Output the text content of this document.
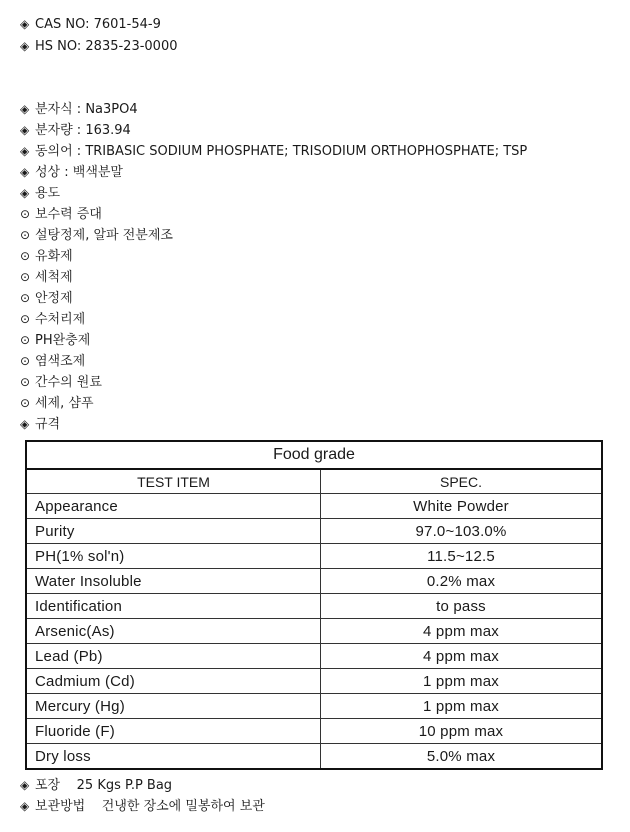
◈ CAS NO: 7601-54-9
◈ HS NO: 2835-23-0000
◈ 분자식 : Na3PO4
◈ 분자량 : 163.94
◈ 동의어 : TRIBASIC SODIUM PHOSPHATE; TRISODIUM ORTHOPHOSPHATE; TSP
◈ 성상 : 백색분말
◈ 용도
⊙ 보수력 증대
⊙ 설탕정제, 알파 전분제조
⊙ 유화제
⊙ 세척제
⊙ 안정제
⊙ 수처리제
⊙ PH완충제
⊙ 염색조제
⊙ 간수의 원료
⊙ 세제, 샴푸
◈ 규격
Food grade	
TEST ITEM	SPEC.
Appearance	White Powder
Purity	97.0~103.0%
PH(1% sol'n)	11.5~12.5
Water Insoluble	0.2% max
Identification	to pass
Arsenic(As)	4 ppm max
Lead (Pb)	4 ppm max
Cadmium (Cd)	1 ppm max
Mercury (Hg)	1 ppm max
Fluoride (F)	10 ppm max
Dry loss	5.0% max
◈ 포장    25 Kgs P.P Bag
◈ 보관방법    건냉한 장소에 밀봉하여 보관
